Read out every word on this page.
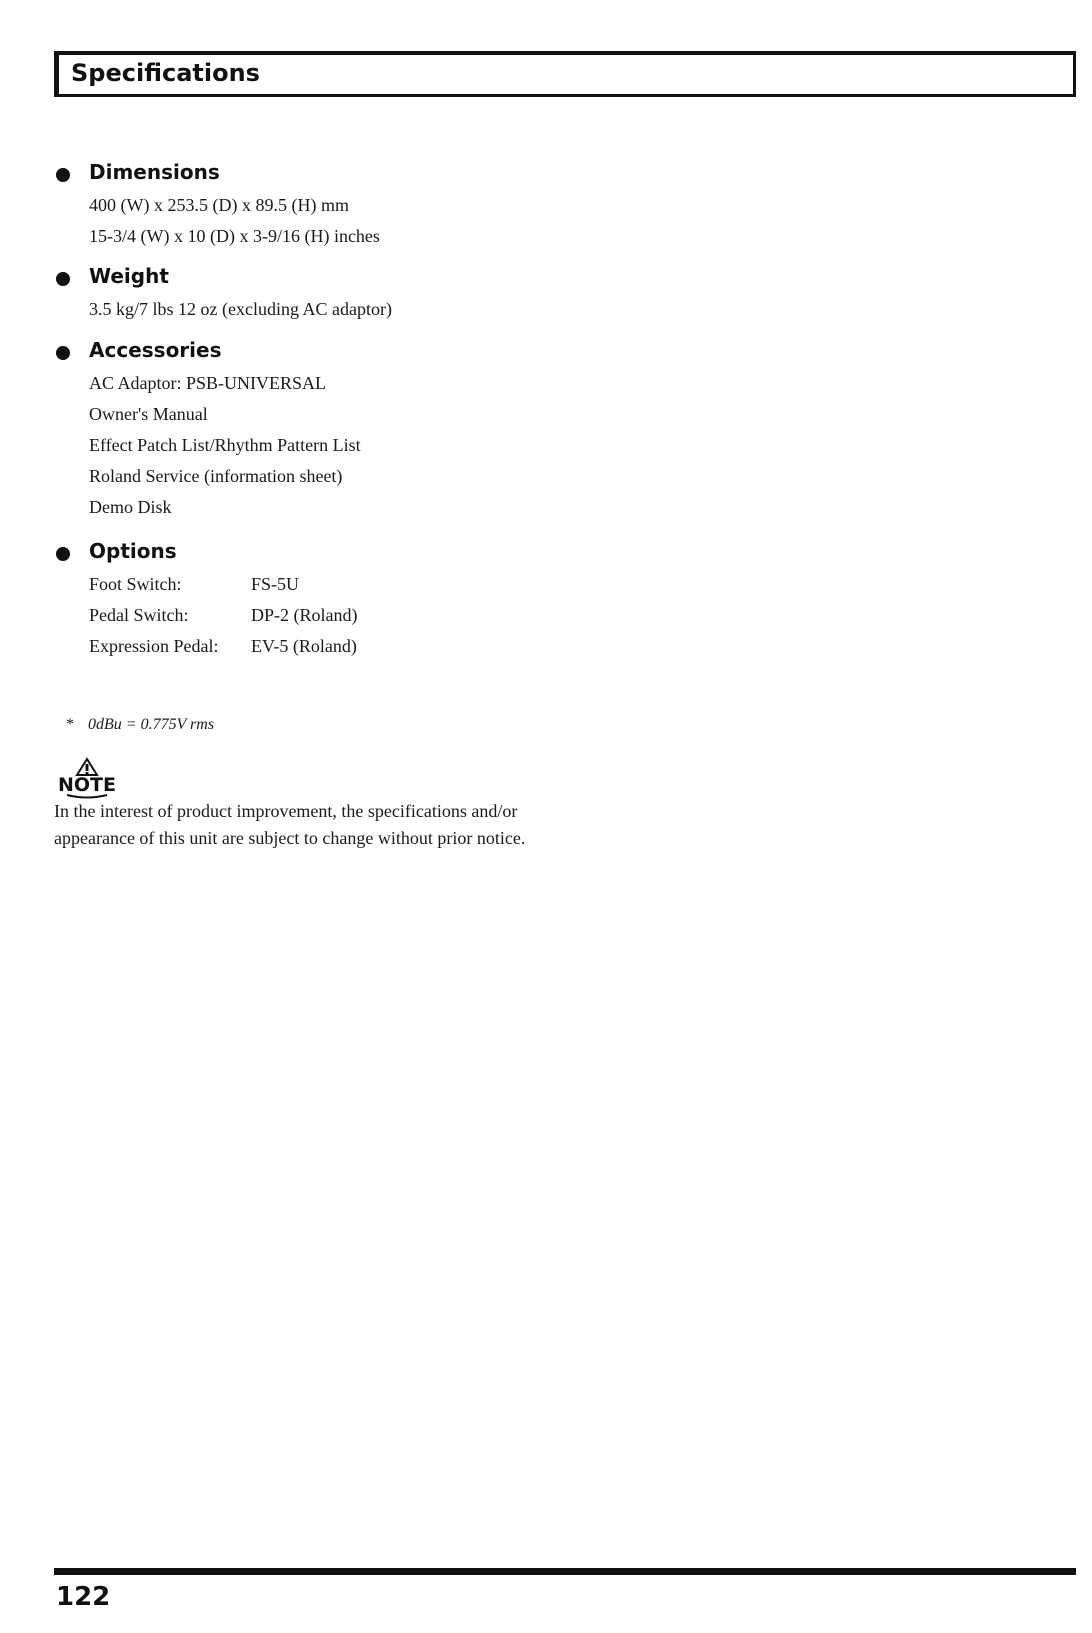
Specifications
Dimensions
400 (W) x 253.5 (D) x 89.5 (H) mm
15-3/4 (W) x 10 (D) x 3-9/16 (H) inches
Weight
3.5 kg/7 lbs 12 oz (excluding AC adaptor)
Accessories
AC Adaptor: PSB-UNIVERSAL
Owner's Manual
Effect Patch List/Rhythm Pattern List
Roland Service (information sheet)
Demo Disk
Options
Foot Switch:	FS-5U
Pedal Switch:	DP-2 (Roland)
Expression Pedal:	EV-5 (Roland)
* 0dBu = 0.775V rms
NOTE
In the interest of product improvement, the specifications and/or appearance of this unit are subject to change without prior notice.
122
